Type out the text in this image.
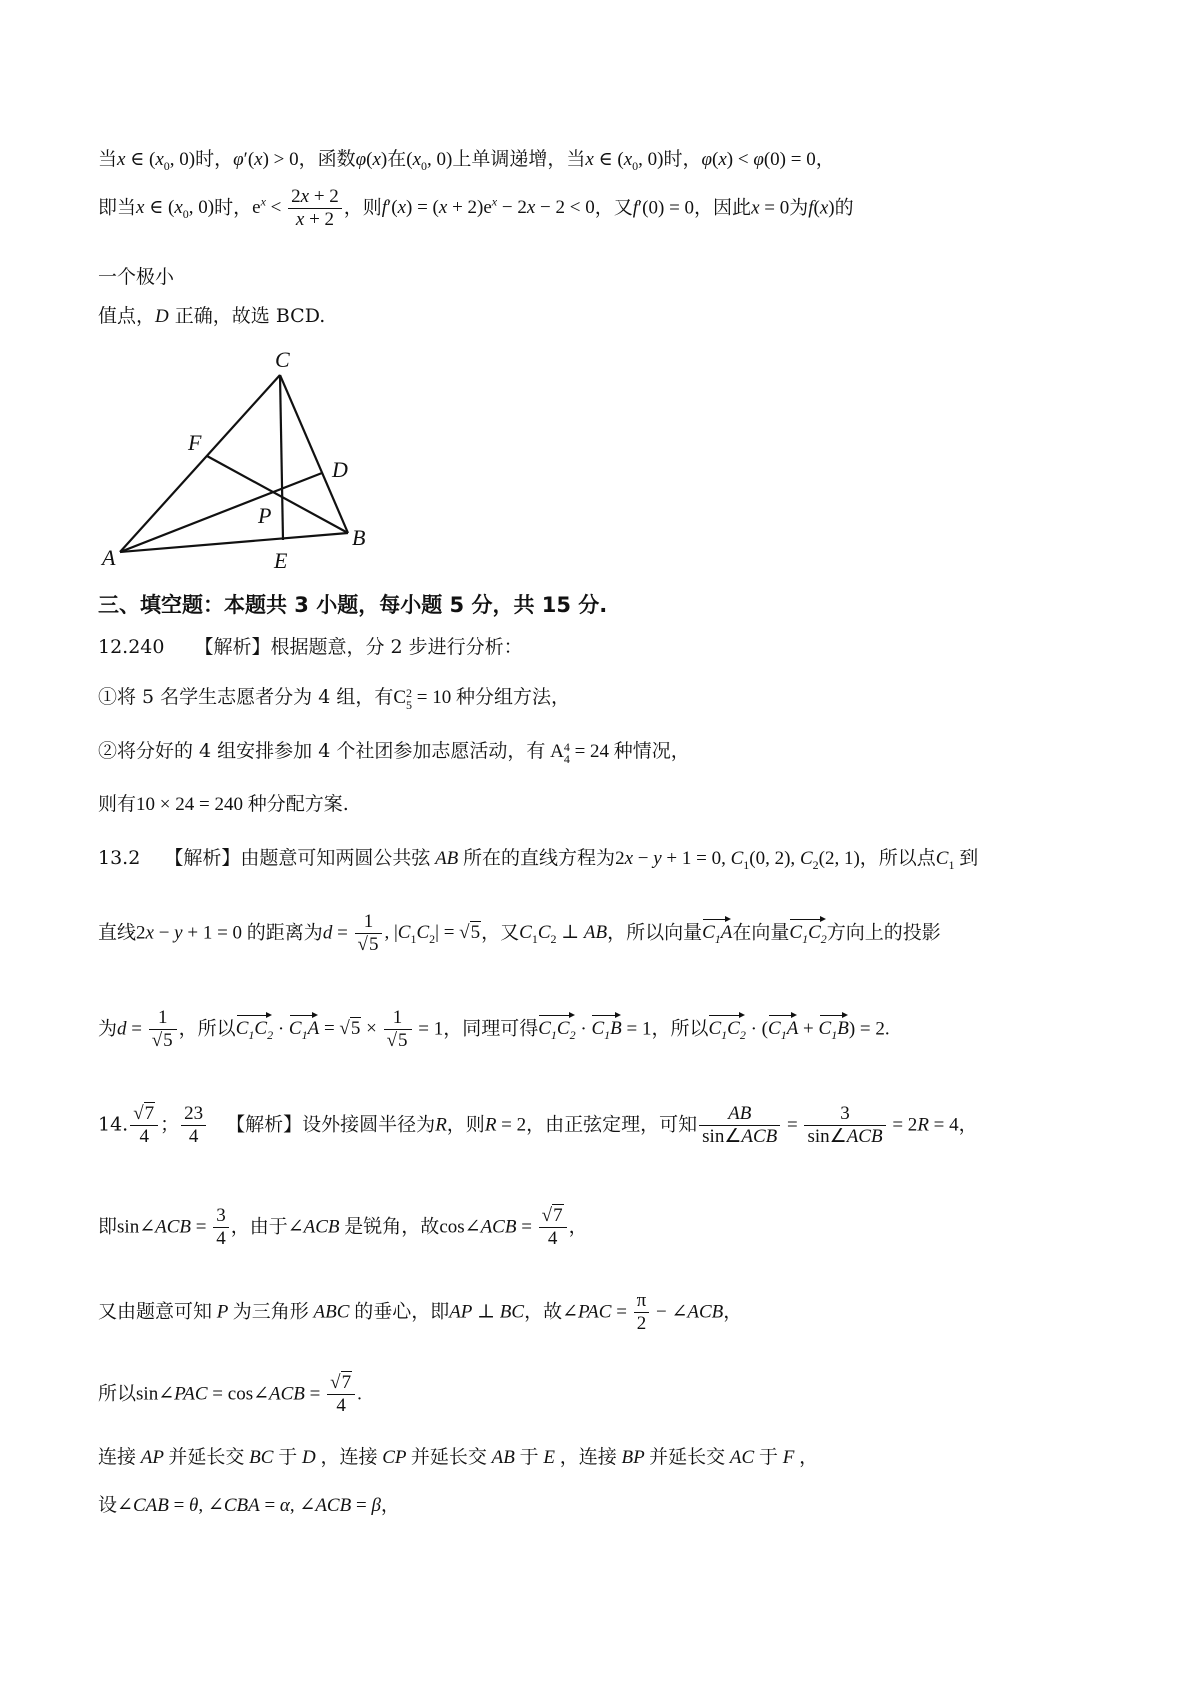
当x ∈ ($x_0$, 0)时，φ′(x) > 0，函数φ(x)在($x_0$, 0)上单调递增，当x ∈ ($x_0$, 0)时，φ(x) < φ(0) = 0，
即当x ∈ ($x_0$, 0)时，$e^x < \frac{2x + 2}{x + 2}$ ，则$f'(x) = (x + 2)e^x - 2x - 2 < 0$，又f′(0) = 0，因此x = 0为f(x)的
一个极小
值点，D 正确，故选 BCD.
C
F
D
P
B
A	E
三、填空题：本题共 3 小题，每小题 5 分，共 15 分.
12.240 【解析】根据题意，分 2 步进行分析：
①将 5 名学生志愿者分为 4 组，有C 2
5 = 10 种分组方法，
②将分好的 4 组安排参加 4 个社团参加志愿活动，有 A 4
4 = 24 种情况，
则有10 × 24 = 240 种分配方案.
13.2 【解析】由题意可知两圆公共弦 AB 所在的直线方程为2x − y + 1 = 0, $C_1(0$, 2), $C_2(2$, 1)，所以点$C_1$ 到
直线2x − y + 1 = 0 的距离为$d = \frac{1}{√5}$ , $|C_1C_2| = √5$，又$C_1C_2$ ⊥ AB，所以向量$C_1A$在向量$C_1C_2$方向上的投影
为$d = \frac{1}{√5}$ ，所以$C_1C_2 \cdot C_1A = √5 \times \frac{1}{√5} = 1$，同理可得$C_1C_2 \cdot C_1B = 1$，所以$C_1C_2 \cdot (C_1A + C_1B) = 2$.
14. $\frac{√7}{4}$ ； $\frac{23}{4}$ 【解析】设外接圆半径为R，则R = 2，由正弦定理，可知 $\frac{AB}{\text{sin∠ACB}} = \frac{3}{\text{sin∠ACB}} = 2R = 4$，
即sin∠ACB = $\frac{3}{4}$ ，由于∠ACB 是锐角，故cos∠ACB = $\frac{√7}{4}$ ，
又由题意可知 P 为三角形 ABC 的垂心，即AP ⊥ BC，故∠PAC = $\frac{\pi}{2}$ − ∠ACB，
所以sin∠PAC = cos∠ACB = $\frac{√7}{4}$ .
连接 AP 并延长交 BC 于 D ，连接 CP 并延长交 AB 于 E ，连接 BP 并延长交 AC 于 F ，
设∠CAB = θ, ∠CBA = α, ∠ACB = β，
